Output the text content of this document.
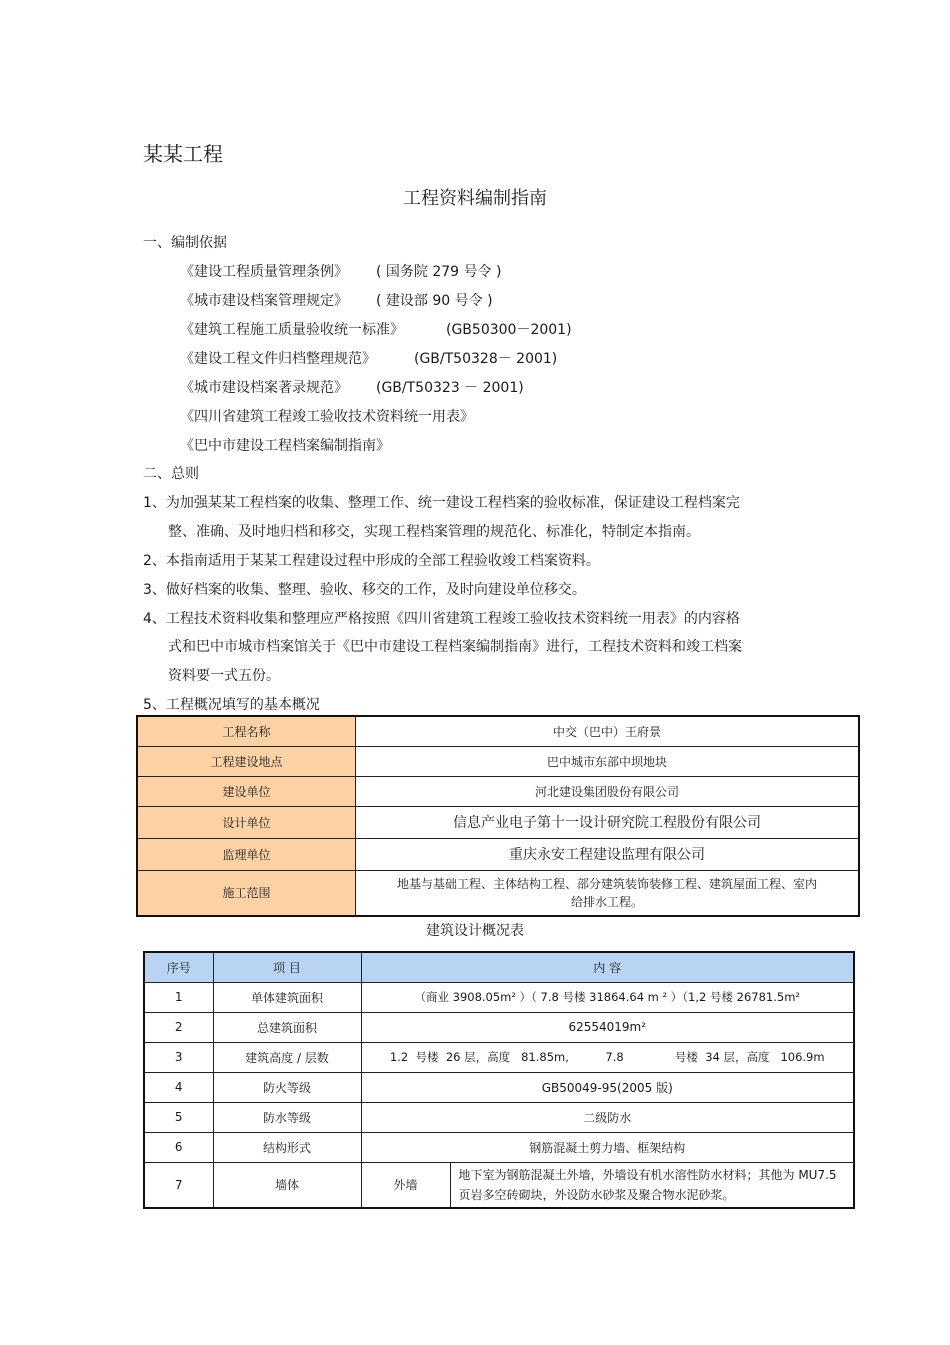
某某工程
工程资料编制指南
一、编制依据
《建设工程质量管理条例》 ( 国务院 279 号令 )
《城市建设档案管理规定》 ( 建设部 90 号令 )
《建筑工程施工质量验收统一标准》	(GB50300－2001)
《建设工程文件归档整理规范》	(GB/T50328－ 2001)
《城市建设档案著录规范》 (GB/T50323 － 2001)
《四川省建筑工程竣工验收技术资料统一用表》
《巴中市建设工程档案编制指南》
二、总则
1、为加强某某工程档案的收集、整理工作、统一建设工程档案的验收标准，保证建设工程档案完
整、准确、及时地归档和移交，实现工程档案管理的规范化、标准化，特制定本指南。
2、本指南适用于某某工程建设过程中形成的全部工程验收竣工档案资料。
3、做好档案的收集、整理、验收、移交的工作，及时向建设单位移交。
4、工程技术资料收集和整理应严格按照《四川省建筑工程竣工验收技术资料统一用表》的内容格
式和巴中市城市档案馆关于《巴中市建设工程档案编制指南》进行，工程技术资料和竣工档案
资料要一式五份。
5、工程概况填写的基本概况
工程名称	中交（巴中）王府景
工程建设地点	巴中城市东部中坝地块
建设单位	河北建设集团股份有限公司
设计单位	信息产业电子第十一设计研究院工程股份有限公司
监理单位	重庆永安工程建设监理有限公司
施工范围	地基与基础工程、主体结构工程、部分建筑装饰装修工程、建筑屋面工程、室内给排水工程。
建筑设计概况表
序号	项 目	内 容	
1	单体建筑面积	（商业 3908.05m² ）（ 7.8 号楼 31864.64 m ² ）（1,2 号楼 26781.5m²	
2	总建筑面积	62554019m²	
3	建筑高度 / 层数	1.2  号楼  26 层，高度   81.85m,          7.8              号楼  34 层，高度   106.9m	
4	防火等级	GB50049-95(2005 版)	
5	防水等级	二级防水	
6	结构形式	钢筋混凝土剪力墙、框架结构	
7	墙体	外墙	地下室为钢筋混凝土外墙，外墙设有机水溶性防水材料；其他为 MU7.5 页岩多空砖砌块，外设防水砂浆及聚合物水泥砂浆。
